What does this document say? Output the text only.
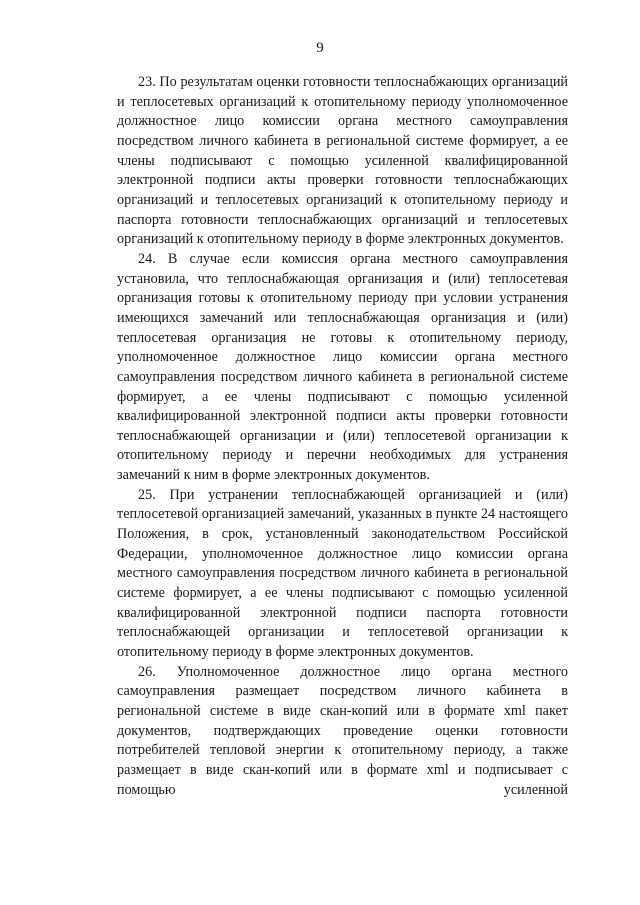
9

23. По результатам оценки готовности теплоснабжающих организаций и теплосетевых организаций к отопительному периоду уполномоченное должностное лицо комиссии органа местного самоуправления посредством личного кабинета в региональной системе формирует, а ее члены подписывают с помощью усиленной квалифицированной электронной подписи акты проверки готовности теплоснабжающих организаций и теплосетевых организаций к отопительному периоду и паспорта готовности теплоснабжающих организаций и теплосетевых организаций к отопительному периоду в форме электронных документов.

24. В случае если комиссия органа местного самоуправления установила, что теплоснабжающая организация и (или) теплосетевая организация готовы к отопительному периоду при условии устранения имеющихся замечаний или теплоснабжающая организация и (или) теплосетевая организация не готовы к отопительному периоду, уполномоченное должностное лицо комиссии органа местного самоуправления посредством личного кабинета в региональной системе формирует, а ее члены подписывают с помощью усиленной квалифицированной электронной подписи акты проверки готовности теплоснабжающей организации и (или) теплосетевой организации к отопительному периоду и перечни необходимых для устранения замечаний к ним в форме электронных документов.

25. При устранении теплоснабжающей организацией и (или) теплосетевой организацией замечаний, указанных в пункте 24 настоящего Положения, в срок, установленный законодательством Российской Федерации, уполномоченное должностное лицо комиссии органа местного самоуправления посредством личного кабинета в региональной системе формирует, а ее члены подписывают с помощью усиленной квалифицированной электронной подписи паспорта готовности теплоснабжающей организации и теплосетевой организации к отопительному периоду в форме электронных документов.

26. Уполномоченное должностное лицо органа местного самоуправления размещает посредством личного кабинета в региональной системе в виде скан-копий или в формате xml пакет документов, подтверждающих проведение оценки готовности потребителей тепловой энергии к отопительному периоду, а также размещает в виде скан-копий или в формате xml и подписывает с помощью усиленной
